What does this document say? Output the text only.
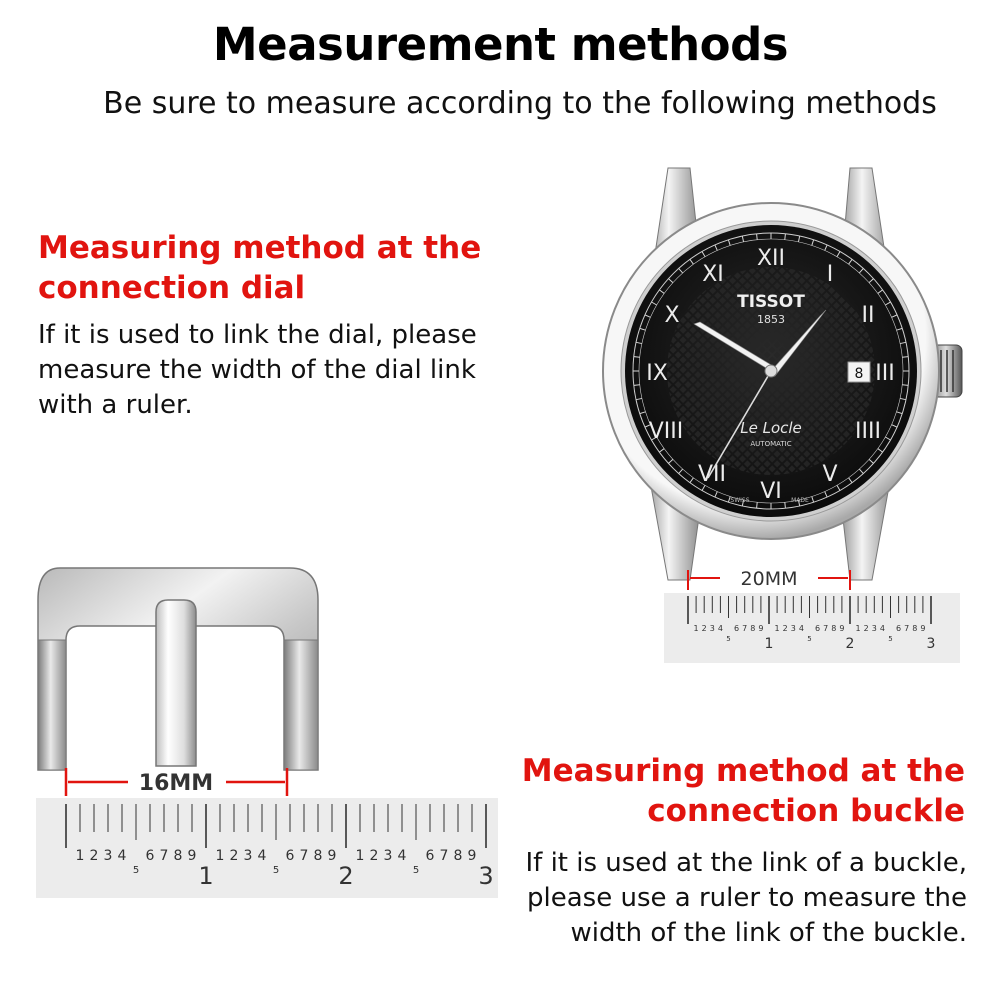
Measurement methods
Be sure to measure according to the following methods
Measuring method at the
connection dial
If it is used to link the dial, please measure the width of the dial link with a ruler.
Measuring method at the
connection buckle
If it is used at the link of a buckle, please use a ruler to measure the width of the link of the buckle.
XII
I
II
III
IIII
V
VI
VII
VIII
IX
X
XI
TISSOT
1853
Le Locle
AUTOMATIC
SWISS	MADE
8
20MM
1 2 3 4
5
6 7 8 9
1
1 2 3 4
5
6 7 8 9
2
1 2 3 4
5
6 7 8 9
3
16MM
1 2 3 4
5
6 7 8 9
1
1 2 3 4
5
6 7 8 9
2
1 2 3 4
5
6 7 8 9
3
